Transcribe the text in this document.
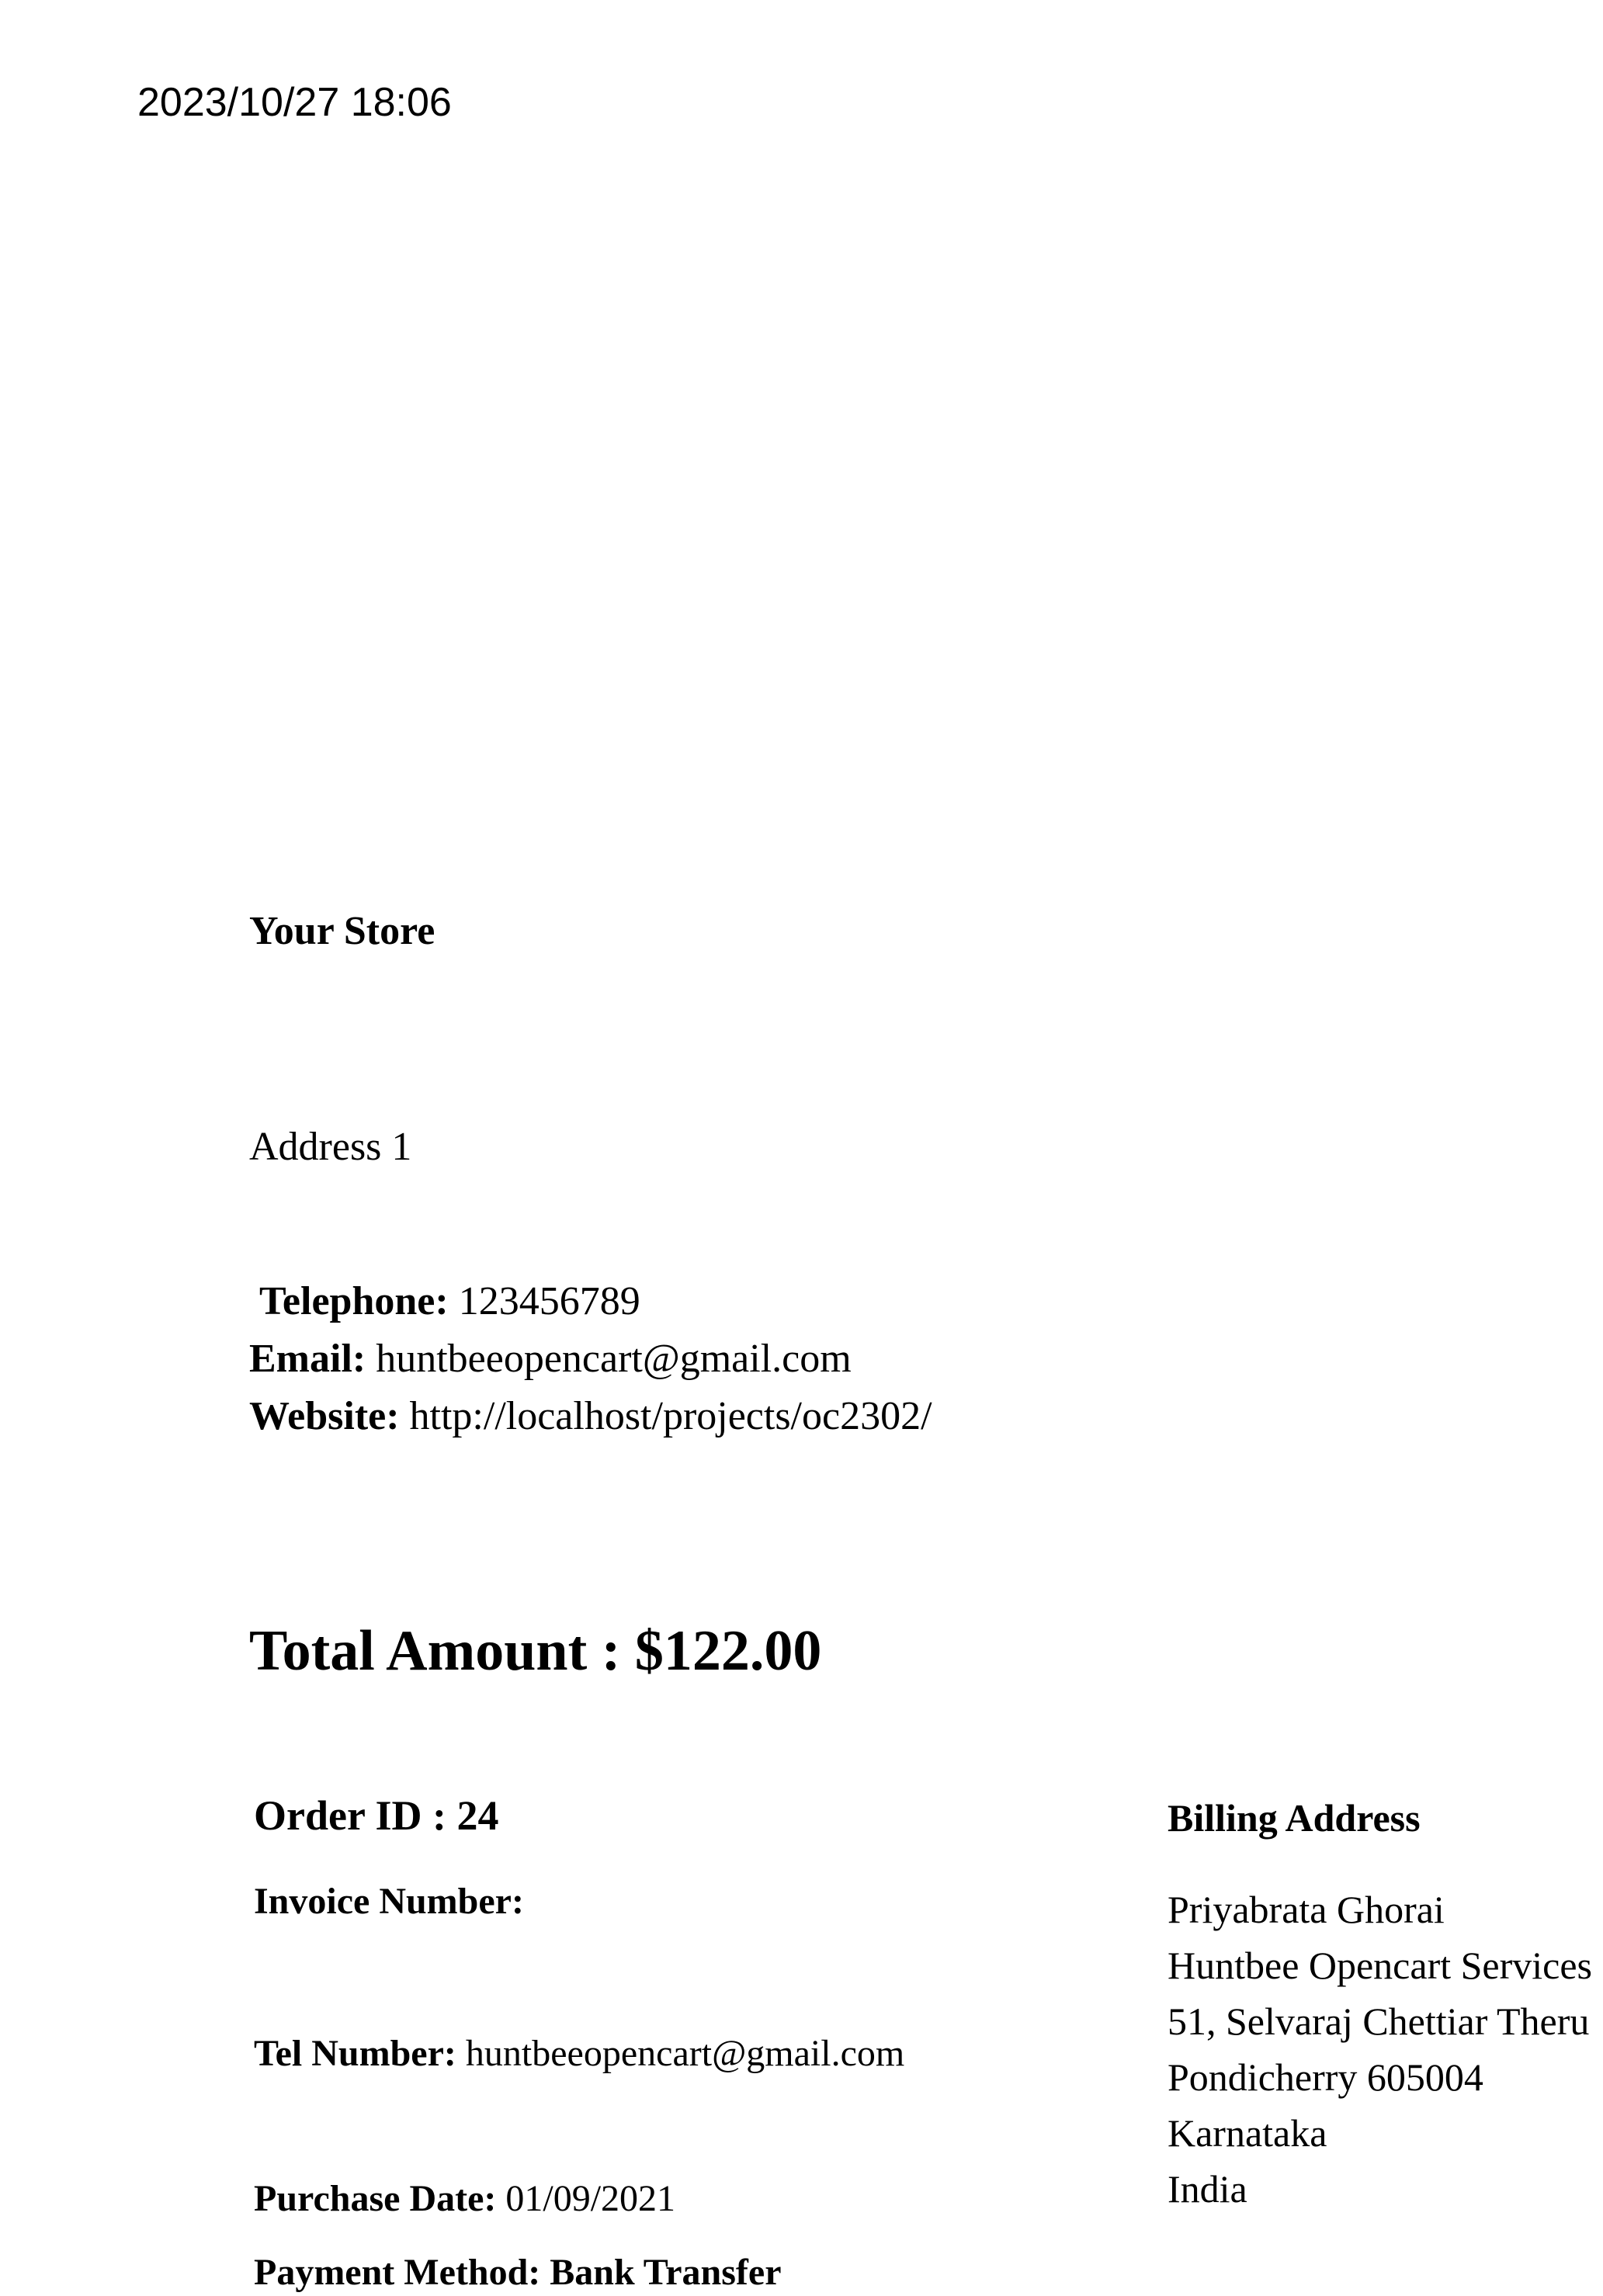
2023/10/27 18:06
Your Store
Address 1
Telephone: 123456789
Email: huntbeeopencart@gmail.com
Website: http://localhost/projects/oc2302/
Total Amount : $122.00
Order ID : 24
Invoice Number:
Tel Number: huntbeeopencart@gmail.com
Purchase Date: 01/09/2021
Payment Method: Bank Transfer
Billing Address
Priyabrata Ghorai
Huntbee Opencart Services
51, Selvaraj Chettiar Theru
Pondicherry 605004
Karnataka
India
